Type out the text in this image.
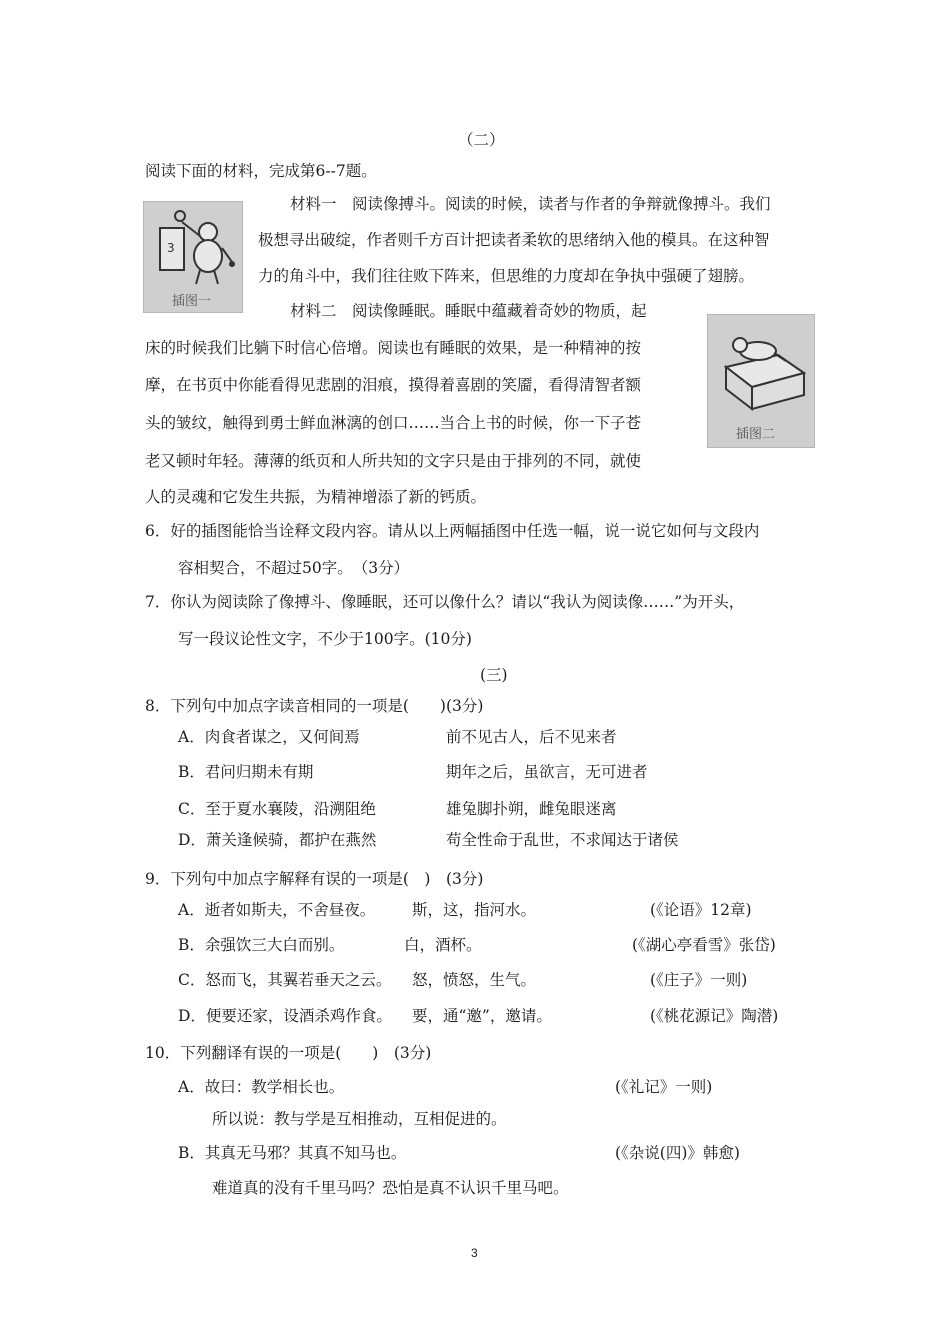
（二）
阅读下面的材料，完成第6--7题。
3
插图一
材料一　阅读像搏斗。阅读的时候，读者与作者的争辩就像搏斗。我们
极想寻出破绽，作者则千方百计把读者柔软的思绪纳入他的模具。在这种智
力的角斗中，我们往往败下阵来，但思维的力度却在争执中强硬了翅膀。
材料二　阅读像睡眠。睡眠中蕴藏着奇妙的物质，起
插图二
床的时候我们比躺下时信心倍增。阅读也有睡眠的效果，是一种精神的按
摩，在书页中你能看得见悲剧的泪痕，摸得着喜剧的笑靥，看得清智者额
头的皱纹，触得到勇士鲜血淋漓的创口……当合上书的时候，你一下子苍
老又顿时年轻。薄薄的纸页和人所共知的文字只是由于排列的不同，就使
人的灵魂和它发生共振，为精神增添了新的钙质。
6．好的插图能恰当诠释文段内容。请从以上两幅插图中任选一幅，说一说它如何与文段内
容相契合，不超过50字。　（3分）
7．你认为阅读除了像搏斗、像睡眠，还可以像什么？请以“我认为阅读像……”为开头，
写一段议论性文字，不少于100字。(10分)
(三)
8．下列句中加点字读音相同的一项是(　　)(3分)
A．肉食者谋之，又何间焉	前不见古人，后不见来者
B．君问归期未有期	期年之后，虽欲言，无可进者
C．至于夏水襄陵，沿溯阻绝	雄兔脚扑朔，雌兔眼迷离
D．萧关逢候骑，都护在燕然	苟全性命于乱世，不求闻达于诸侯
9．下列句中加点字解释有误的一项是(　)　(3分)
A．逝者如斯夫，不舍昼夜。 斯，这，指河水。	(《论语》12章)
B．余强饮三大白而别。	白，酒杯。	(《湖心亭看雪》张岱)
C．怒而飞，其翼若垂天之云。 怒，愤怒，生气。	(《庄子》一则)
D．便要还家，设酒杀鸡作食。 要，通“邀”，邀请。	(《桃花源记》陶潜)
10．下列翻译有误的一项是(　　)　(3分)
A．故曰：教学相长也。	(《礼记》一则)
所以说：教与学是互相推动，互相促进的。
B．其真无马邪？其真不知马也。	(《杂说(四)》韩愈)
难道真的没有千里马吗？恐怕是真不认识千里马吧。
3
